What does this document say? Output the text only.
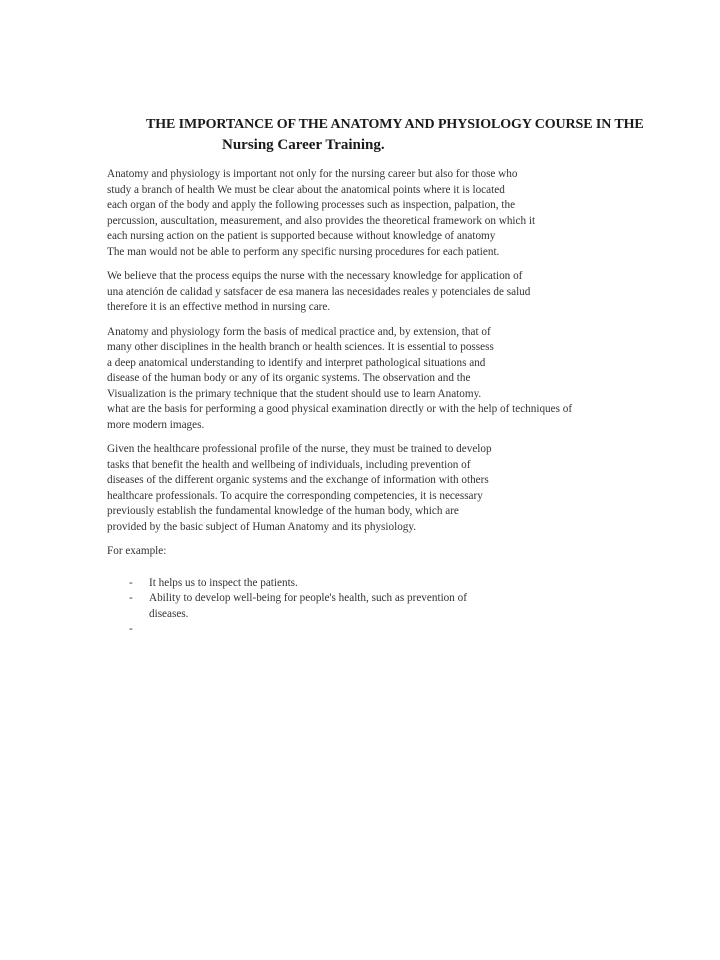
THE IMPORTANCE OF THE ANATOMY AND PHYSIOLOGY COURSE IN THE
Nursing Career Training.
Anatomy and physiology is important not only for the nursing career but also for those who
study a branch of health We must be clear about the anatomical points where it is located
each organ of the body and apply the following processes such as inspection, palpation, the
percussion, auscultation, measurement, and also provides the theoretical framework on which it
each nursing action on the patient is supported because without knowledge of anatomy
The man would not be able to perform any specific nursing procedures for each patient.
We believe that the process equips the nurse with the necessary knowledge for application of
una atención de calidad y satsfacer de esa manera las necesidades reales y potenciales de salud
therefore it is an effective method in nursing care.
Anatomy and physiology form the basis of medical practice and, by extension, that of
many other disciplines in the health branch or health sciences. It is essential to possess
a deep anatomical understanding to identify and interpret pathological situations and
disease of the human body or any of its organic systems. The observation and the
Visualization is the primary technique that the student should use to learn Anatomy.
what are the basis for performing a good physical examination directly or with the help of techniques of
more modern images.
Given the healthcare professional profile of the nurse, they must be trained to develop
tasks that benefit the health and wellbeing of individuals, including prevention of
diseases of the different organic systems and the exchange of information with others
healthcare professionals. To acquire the corresponding competencies, it is necessary
previously establish the fundamental knowledge of the human body, which are
provided by the basic subject of Human Anatomy and its physiology.
For example:
- It helps us to inspect the patients.
- Ability to develop well-being for people's health, such as prevention of
diseases.
-
